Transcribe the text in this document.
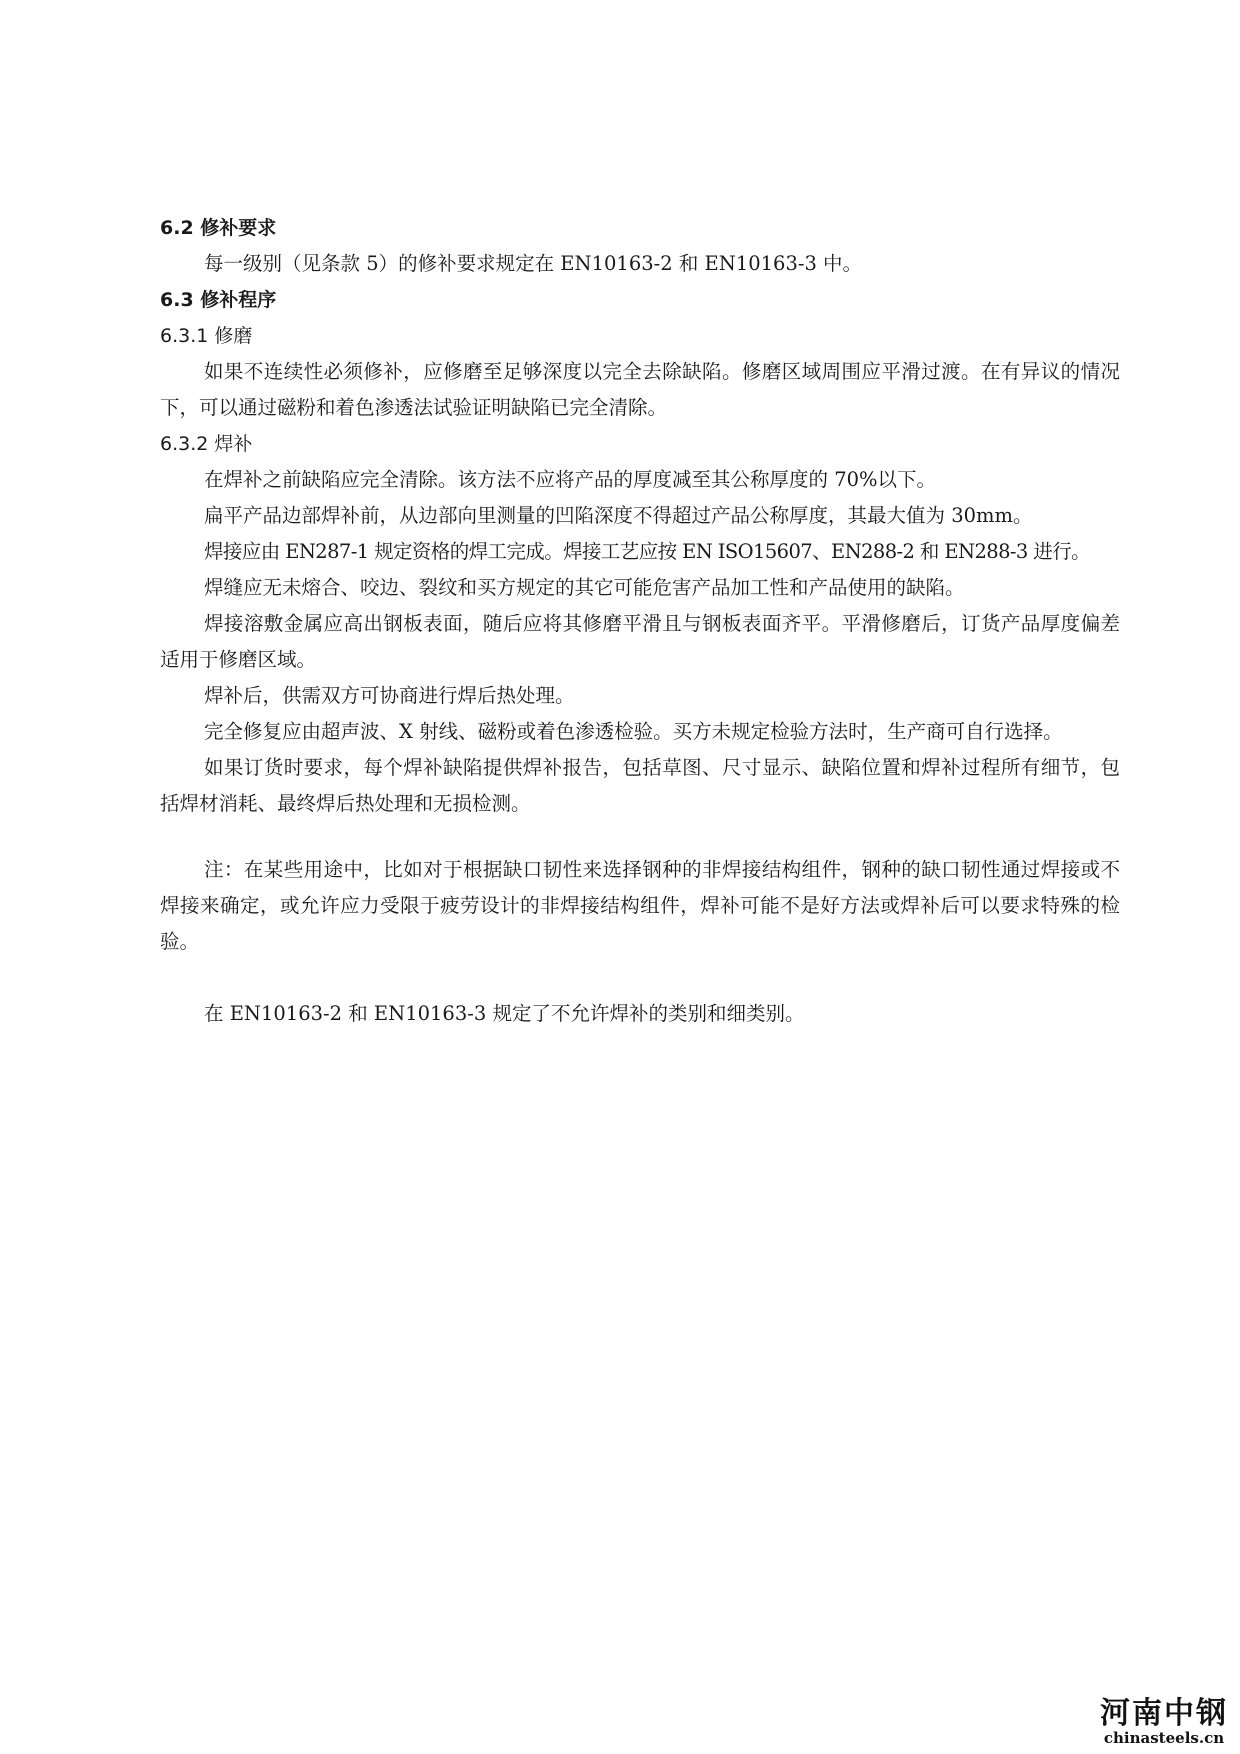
6.2 修补要求

每一级别（见条款 5）的修补要求规定在 EN10163-2 和 EN10163-3 中。

6.3 修补程序
6.3.1 修磨

如果不连续性必须修补，应修磨至足够深度以完全去除缺陷。修磨区域周围应平滑过渡。在有异议的情况下，可以通过磁粉和着色渗透法试验证明缺陷已完全清除。

6.3.2 焊补

在焊补之前缺陷应完全清除。该方法不应将产品的厚度减至其公称厚度的 70%以下。

扁平产品边部焊补前，从边部向里测量的凹陷深度不得超过产品公称厚度，其最大值为 30mm。

焊接应由 EN287-1 规定资格的焊工完成。焊接工艺应按 EN ISO15607、EN288-2 和 EN288-3 进行。

焊缝应无未熔合、咬边、裂纹和买方规定的其它可能危害产品加工性和产品使用的缺陷。

焊接溶敷金属应高出钢板表面，随后应将其修磨平滑且与钢板表面齐平。平滑修磨后，订货产品厚度偏差适用于修磨区域。

焊补后，供需双方可协商进行焊后热处理。

完全修复应由超声波、X 射线、磁粉或着色渗透检验。买方未规定检验方法时，生产商可自行选择。

如果订货时要求，每个焊补缺陷提供焊补报告，包括草图、尺寸显示、缺陷位置和焊补过程所有细节，包括焊材消耗、最终焊后热处理和无损检测。

注：在某些用途中，比如对于根据缺口韧性来选择钢种的非焊接结构组件，钢种的缺口韧性通过焊接或不焊接来确定，或允许应力受限于疲劳设计的非焊接结构组件，焊补可能不是好方法或焊补后可以要求特殊的检验。

在 EN10163-2 和 EN10163-3 规定了不允许焊补的类别和细类别。

河南中钢
chinasteels.cn
